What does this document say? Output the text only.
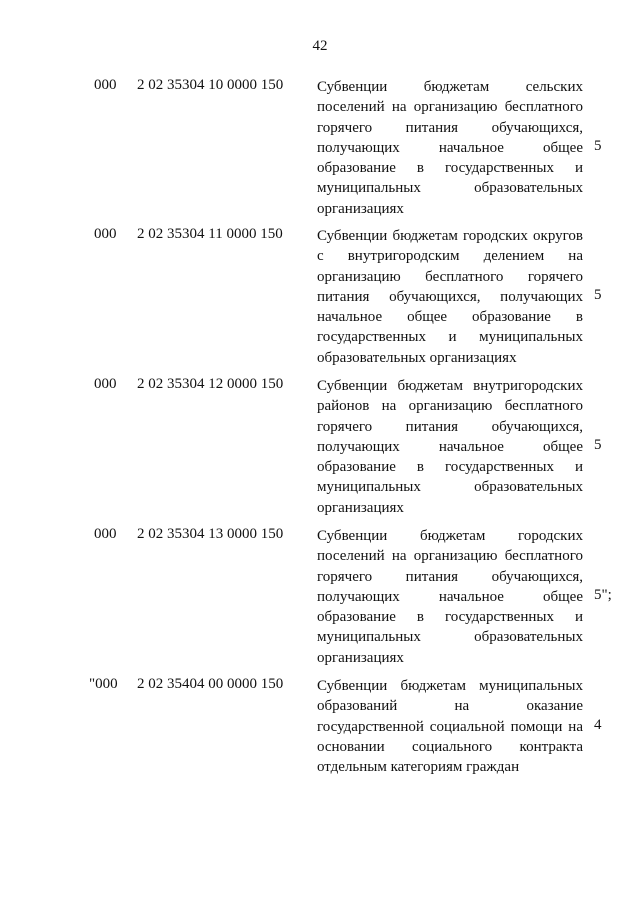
42
000 2 02 35304 10 0000 150 Субвенции бюджетам сельских
поселений на организацию бесплатного
горячего питания обучающихся,
получающих начальное общее
образование в государственных и
муниципальных образовательных
организациях
5
000 2 02 35304 11 0000 150 Субвенции бюджетам городских округов
с внутригородским делением на
организацию бесплатного горячего
питания обучающихся, получающих
начальное общее образование в
государственных и муниципальных
образовательных организациях
5
000 2 02 35304 12 0000 150 Субвенции бюджетам внутригородских
районов на организацию бесплатного
горячего питания обучающихся,
получающих начальное общее
образование в государственных и
муниципальных образовательных
организациях
5
000 2 02 35304 13 0000 150 Субвенции бюджетам городских
поселений на организацию бесплатного
горячего питания обучающихся,
получающих начальное общее
образование в государственных и
муниципальных образовательных
организациях
5";
"000 2 02 35404 00 0000 150 Субвенции бюджетам муниципальных
образований на оказание
государственной социальной помощи на
основании социального контракта
отдельным категориям граждан
4
